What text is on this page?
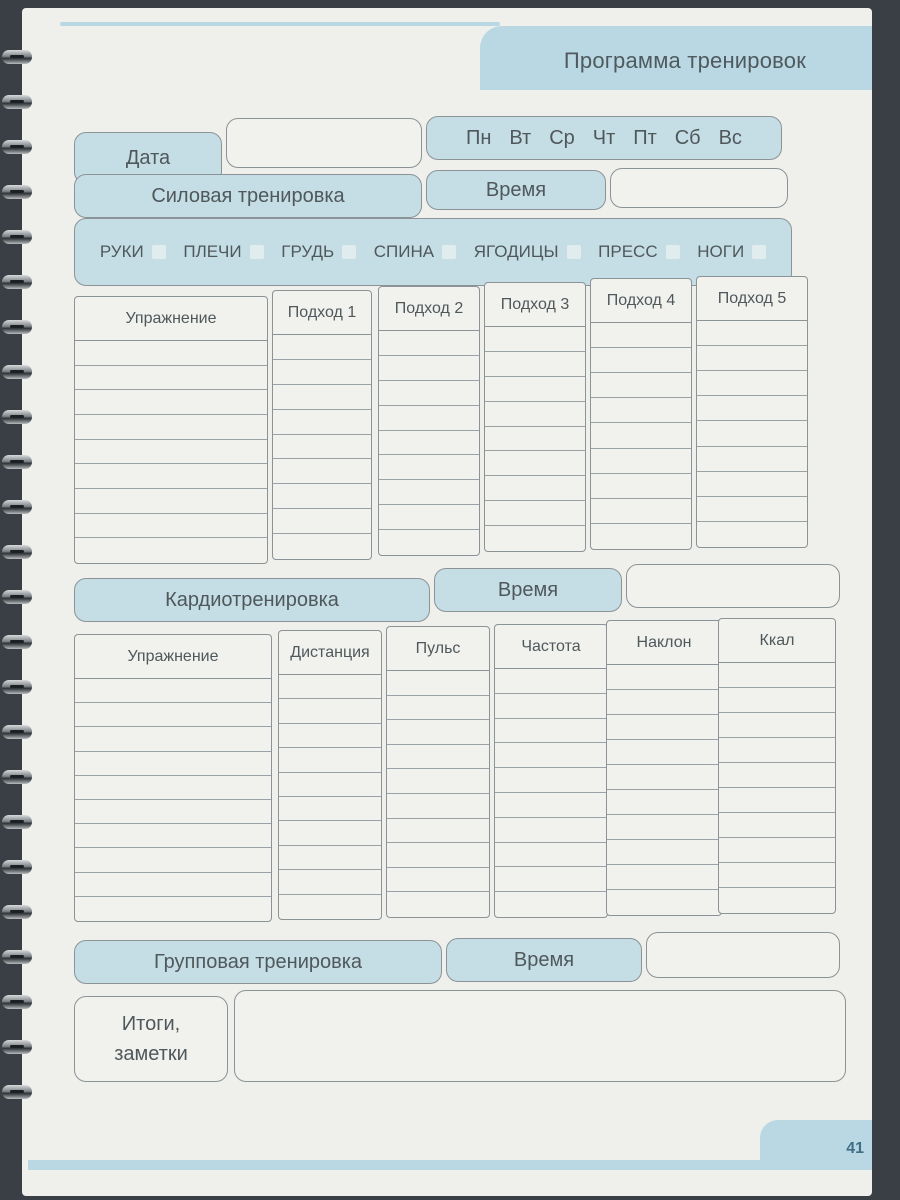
Программа тренировок
Дата
Пн Вт Ср Чт Пт Сб Вс
Силовая тренировка	Время
РУКИ ПЛЕЧИ ГРУДЬ СПИНА ЯГОДИЦЫ ПРЕСС НОГИ
Упражнение	Подход 1	Подход 2	Подход 3	Подход 4	Подход 5
Кардиотренировка	Время
Упражнение	Дистанция	Пульс	Частота	Наклон	Ккал
Групповая тренировка	Время
Итоги,
заметки
41
